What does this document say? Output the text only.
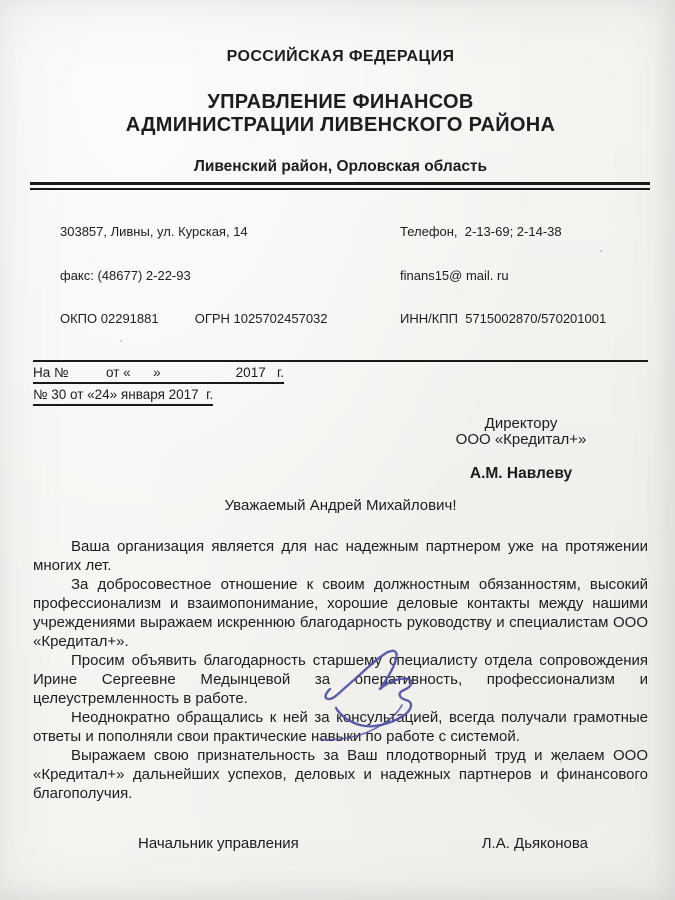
РОССИЙСКАЯ ФЕДЕРАЦИЯ
УПРАВЛЕНИЕ ФИНАНСОВ
АДМИНИСТРАЦИИ ЛИВЕНСКОГО РАЙОНА
Ливенский район, Орловская область

303857, Ливны, ул. Курская, 14

факс: (48677) 2-22-93

ОКПО 02291881          ОГРН 1025702457032

Телефон,  2-13-69; 2-14-38

finans15@ mail. ru

ИНН/КПП  5715002870/570201001

На №          от «      »                    2017   г.
№ 30 от «24» января 2017  г.
Директору
ООО «Кредитал+»
А.М. Навлеву
Уважаемый Андрей Михайлович!

Ваша организация является для нас надежным партнером уже на протяжении многих лет.

За добросовестное отношение к своим должностным обязанностям, высокий профессионализм и взаимопонимание, хорошие деловые контакты между нашими учреждениями выражаем искреннюю благодарность руководству и специалистам ООО «Кредитал+».

Просим объявить благодарность старшему специалисту отдела сопровождения Ирине Сергеевне Медынцевой за оперативность, профессионализм и целеустремленность в работе.

Неоднократно обращались к ней за консультацией, всегда получали грамотные ответы и пополняли свои практические навыки по работе с системой.

Выражаем свою признательность за Ваш плодотворный труд и желаем ООО «Кредитал+» дальнейших успехов, деловых и надежных партнеров и финансового благополучия.

Начальник управления	Л.А. Дьяконова
